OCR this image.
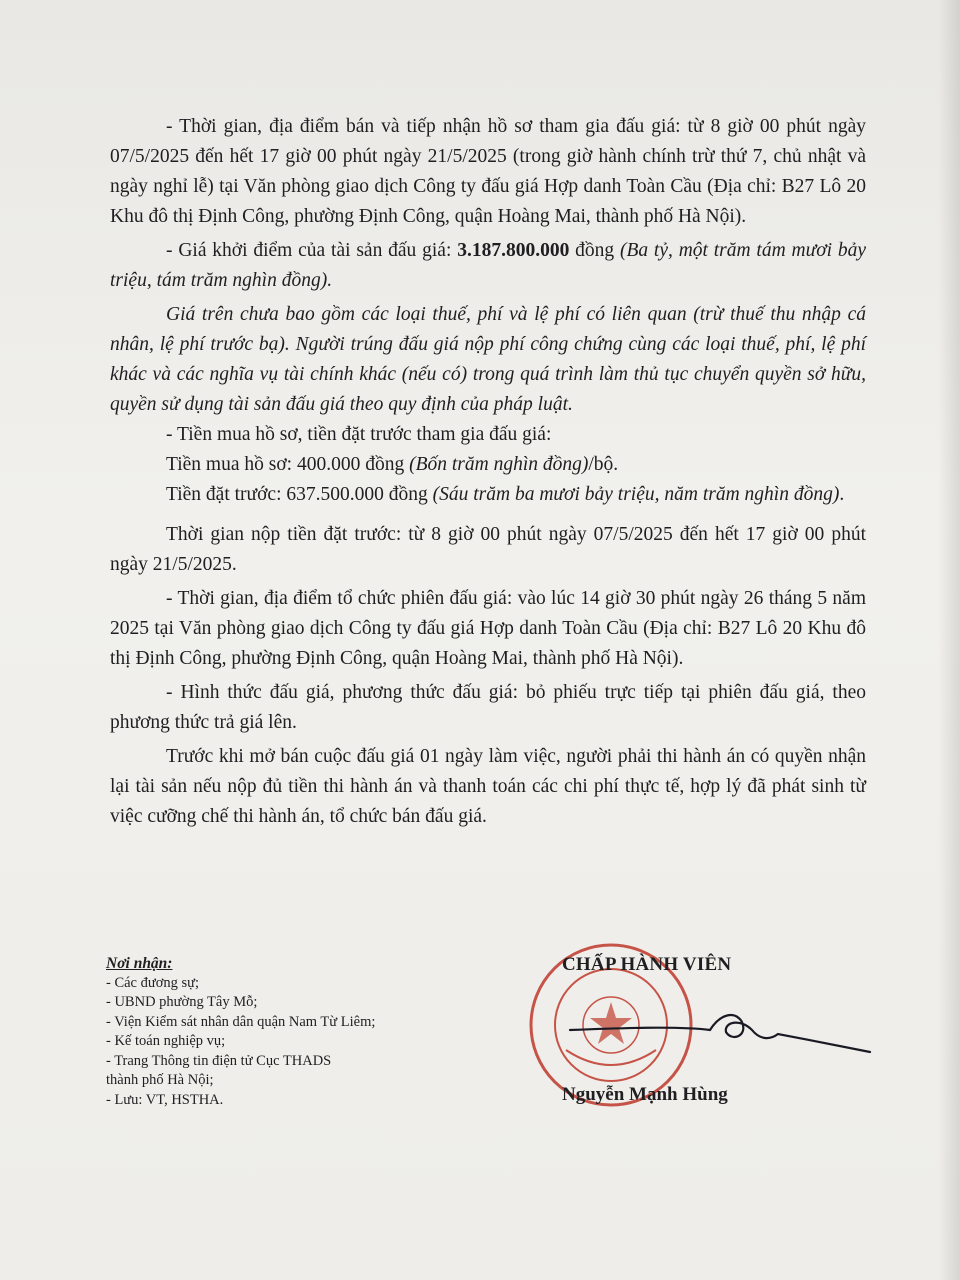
- Thời gian, địa điểm bán và tiếp nhận hồ sơ tham gia đấu giá: từ 8 giờ 00 phút ngày 07/5/2025 đến hết 17 giờ 00 phút ngày 21/5/2025 (trong giờ hành chính trừ thứ 7, chủ nhật và ngày nghỉ lễ) tại Văn phòng giao dịch Công ty đấu giá Hợp danh Toàn Cầu (Địa chỉ: B27 Lô 20 Khu đô thị Định Công, phường Định Công, quận Hoàng Mai, thành phố Hà Nội).

- Giá khởi điểm của tài sản đấu giá: 3.187.800.000 đồng (Ba tỷ, một trăm tám mươi bảy triệu, tám trăm nghìn đồng).

Giá trên chưa bao gồm các loại thuế, phí và lệ phí có liên quan (trừ thuế thu nhập cá nhân, lệ phí trước bạ). Người trúng đấu giá nộp phí công chứng cùng các loại thuế, phí, lệ phí khác và các nghĩa vụ tài chính khác (nếu có) trong quá trình làm thủ tục chuyển quyền sở hữu, quyền sử dụng tài sản đấu giá theo quy định của pháp luật.

- Tiền mua hồ sơ, tiền đặt trước tham gia đấu giá:

Tiền mua hồ sơ: 400.000 đồng (Bốn trăm nghìn đồng)/bộ.

Tiền đặt trước: 637.500.000 đồng (Sáu trăm ba mươi bảy triệu, năm trăm nghìn đồng).

Thời gian nộp tiền đặt trước: từ 8 giờ 00 phút ngày 07/5/2025 đến hết 17 giờ 00 phút ngày 21/5/2025.

- Thời gian, địa điểm tổ chức phiên đấu giá: vào lúc 14 giờ 30 phút ngày 26 tháng 5 năm 2025 tại Văn phòng giao dịch Công ty đấu giá Hợp danh Toàn Cầu (Địa chỉ: B27 Lô 20 Khu đô thị Định Công, phường Định Công, quận Hoàng Mai, thành phố Hà Nội).

- Hình thức đấu giá, phương thức đấu giá: bỏ phiếu trực tiếp tại phiên đấu giá, theo phương thức trả giá lên.

Trước khi mở bán cuộc đấu giá 01 ngày làm việc, người phải thi hành án có quyền nhận lại tài sản nếu nộp đủ tiền thi hành án và thanh toán các chi phí thực tế, hợp lý đã phát sinh từ việc cưỡng chế thi hành án, tổ chức bán đấu giá.

Nơi nhận:
- Các đương sự;
- UBND phường Tây Mỗ;
- Viện Kiểm sát nhân dân quận Nam Từ Liêm;
- Kế toán nghiệp vụ;
- Trang Thông tin điện tử Cục THADS
thành phố Hà Nội;
- Lưu: VT, HSTHA.
CHẤP HÀNH VIÊN
Nguyễn Mạnh Hùng
